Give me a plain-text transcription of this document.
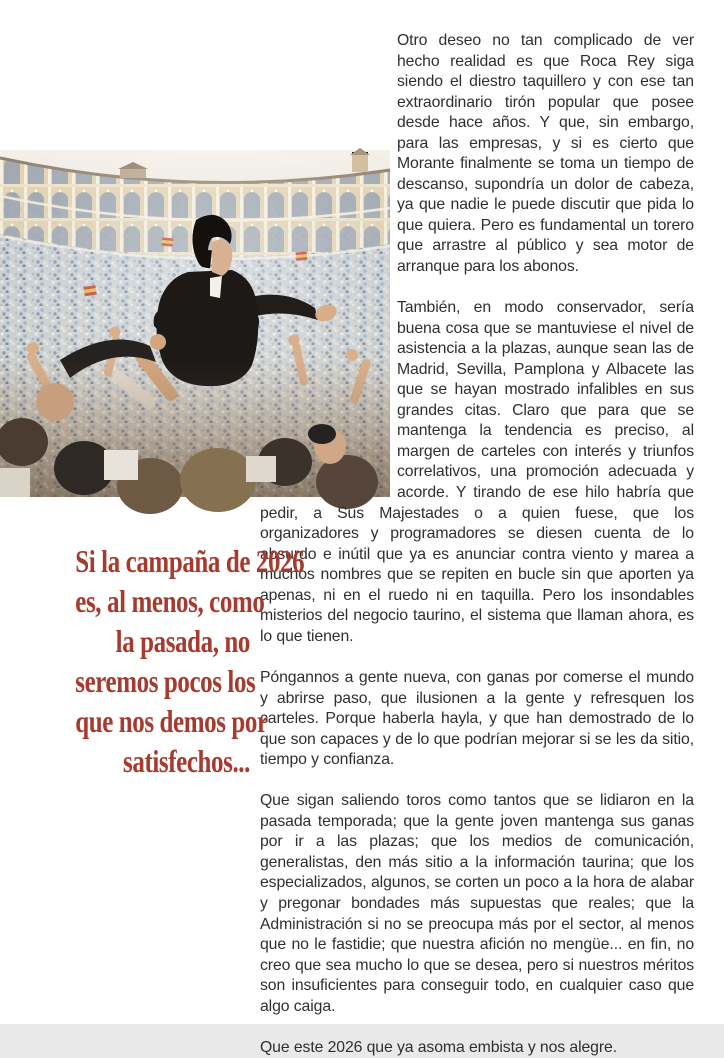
Otro deseo no tan complicado de ver hecho realidad es que Roca Rey siga siendo el diestro taquillero y con ese tan extraordinario tirón popular que posee desde hace años. Y que, sin embargo, para las empresas, y si es cierto que Morante finalmente se toma un tiempo de descanso, supondría un dolor de cabeza, ya que nadie le puede discutir que pida lo que quiera. Pero es fundamental un torero que arrastre al público y sea motor de arranque para los abonos.

También, en modo conservador, sería buena cosa que se mantuviese el nivel de asistencia a la plazas, aunque sean las de Madrid, Sevilla, Pamplona y Albacete las que se hayan mostrado infalibles en sus grandes citas. Claro que para que se mantenga la tendencia es preciso, al margen de carteles con interés y triunfos correlativos, una promoción adecuada y acorde. Y tirando de ese hilo habría que pedir, a Sus Majestades o a quien fuese, que los organizadores y programadores se diesen cuenta de lo absurdo e inútil que ya es anunciar contra viento y marea a muchos nombres que se repiten en bucle sin que aporten ya apenas, ni en el ruedo ni en taquilla. Pero los insondables misterios del negocio taurino, el sistema que llaman ahora, es lo que tienen.

Póngannos a gente nueva, con ganas por comerse el mundo y abrirse paso, que ilusionen a la gente y refresquen los carteles. Porque haberla hayla, y que han demostrado de lo que son capaces y de lo que podrían mejorar si se les da sitio, tiempo y confianza.

Que sigan saliendo toros como tantos que se lidiaron en la pasada temporada; que la gente joven mantenga sus ganas por ir a las plazas; que los medios de comunicación, generalistas, den más sitio a la información taurina; que los especializados, algunos, se corten un poco a la hora de alabar y pregonar bondades más supuestas que reales; que la Administración si no se preocupa más por el sector, al menos que no le fastidie; que nuestra afición no mengüe... en fin, no creo que sea mucho lo que se desea, pero si nuestros méritos son insuficientes para conseguir todo, en cualquier caso que algo caiga.

Que este 2026 que ya asoma embista y nos alegre.

Si la campaña de 2026
es, al menos, como
la pasada, no
seremos pocos los
que nos demos por
satisfechos...
